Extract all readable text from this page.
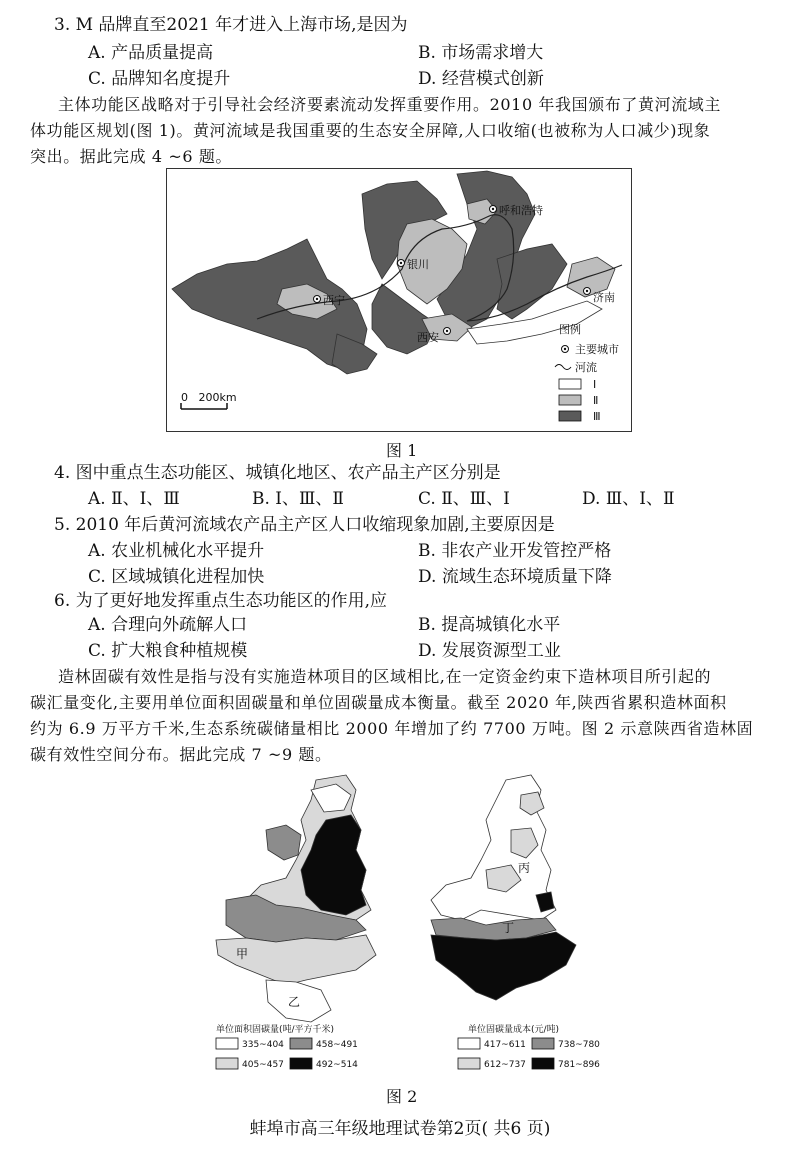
3. M 品牌直至2021 年才进入上海市场,是因为
A. 产品质量提高	B. 市场需求增大
C. 品牌知名度提升	D. 经营模式创新
主体功能区战略对于引导社会经济要素流动发挥重要作用。2010 年我国颁布了黄河流域主
体功能区规划(图 1)。黄河流域是我国重要的生态安全屏障,人口收缩(也被称为人口减少)现象
突出。据此完成 4 ~6 题。
呼和浩特
银川
西宁
西安
济南
0   200km
图例
主要城市
河流
Ⅰ
Ⅱ
Ⅲ
图 1
4. 图中重点生态功能区、城镇化地区、农产品主产区分别是
A. Ⅱ、Ⅰ、Ⅲ	B. Ⅰ、Ⅲ、Ⅱ	C. Ⅱ、Ⅲ、Ⅰ	D. Ⅲ、Ⅰ、Ⅱ
5. 2010 年后黄河流域农产品主产区人口收缩现象加剧,主要原因是
A. 农业机械化水平提升	B. 非农产业开发管控严格
C. 区域城镇化进程加快	D. 流域生态环境质量下降
6. 为了更好地发挥重点生态功能区的作用,应
A. 合理向外疏解人口	B. 提高城镇化水平
C. 扩大粮食种植规模	D. 发展资源型工业
造林固碳有效性是指与没有实施造林项目的区域相比,在一定资金约束下造林项目所引起的
碳汇量变化,主要用单位面积固碳量和单位固碳量成本衡量。截至 2020 年,陕西省累积造林面积
约为 6.9 万平方千米,生态系统碳储量相比 2000 年增加了约 7700 万吨。图 2 示意陕西省造林固
碳有效性空间分布。据此完成 7 ~9 题。
甲
乙
丙
丁
单位面积固碳量(吨/平方千米)
335~404	458~491
405~457	492~514
单位固碳量成本(元/吨)
417~611	738~780
612~737	781~896
图 2
蚌埠市高三年级地理试卷第2页( 共6 页)
